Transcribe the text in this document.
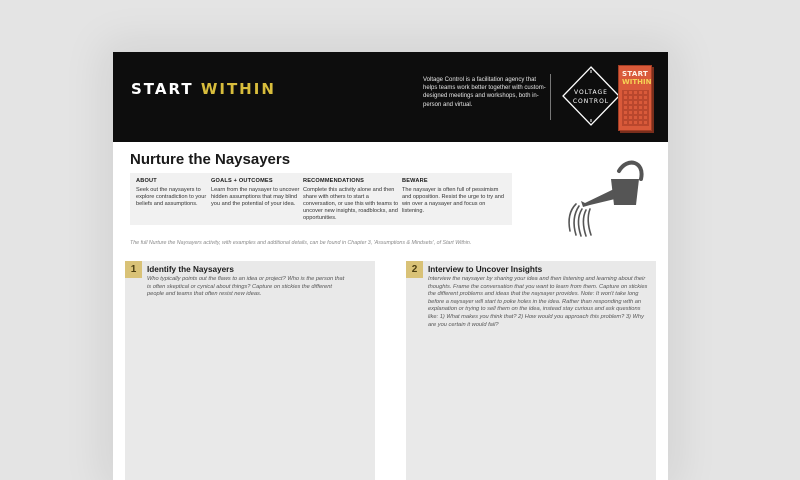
START WITHIN	Voltage Control is a facilitation agency that helps teams work better together with custom-designed meetings and workshops, both in-person and virtual.
VOLTAGE
CONTROL
START
WITHIN
Nurture the Naysayers
ABOUT
Seek out the naysayers to explore contradiction to your beliefs and assumptions.
GOALS + OUTCOMES
Learn from the naysayer to uncover hidden assumptions that may blind you and the potential of your idea.
RECOMMENDATIONS
Complete this activity alone and then share with others to start a conversation, or use this with teams to uncover new insights, roadblocks, and opportunities.
BEWARE
The naysayer is often full of pessimism and opposition. Resist the urge to try and win over a naysayer and focus on listening.
The full Nurture the Naysayers activity, with examples and additional details, can be found in Chapter 3, 'Assumptions & Mindsets', of Start Within.
1	Identify the Naysayers
Who typically points out the flaws to an idea or project? Who is the person that is often skeptical or cynical about things? Capture on stickies the different people and teams that often resist new ideas.
2	Interview to Uncover Insights
Interview the naysayer by sharing your idea and then listening and learning about their thoughts. Frame the conversation that you want to learn from them. Capture on stickies the different problems and ideas that the naysayer provides. Note: It won't take long before a naysayer will start to poke holes in the idea. Rather than responding with an explanation or trying to sell them on the idea, instead stay curious and ask questions like: 1) What makes you think that? 2) How would you approach this problem? 3) Why are you certain it would fail?
